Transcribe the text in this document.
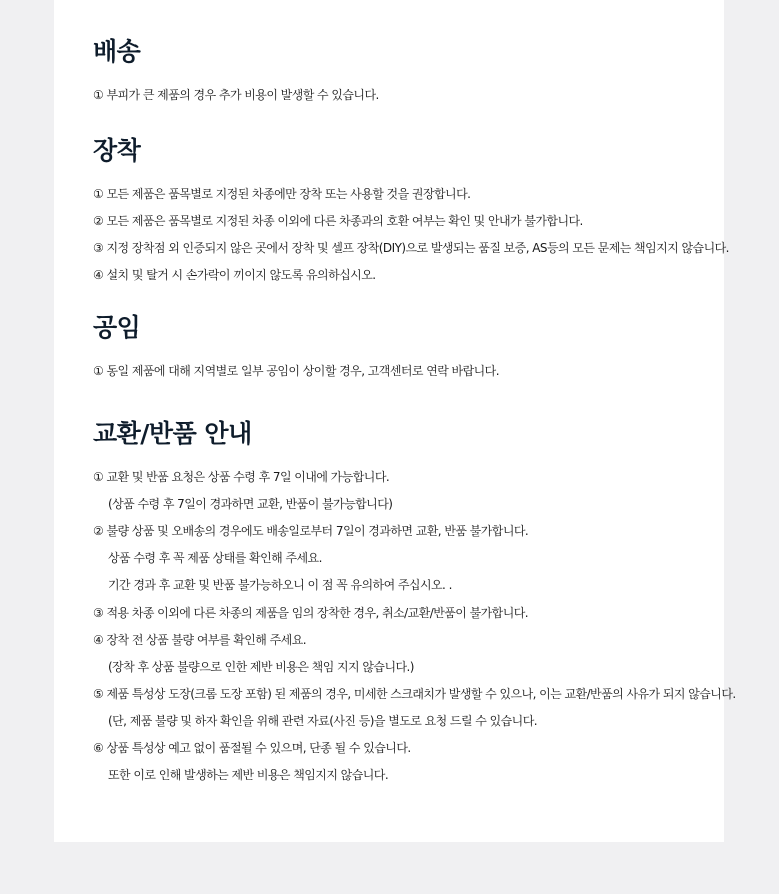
배송
① 부피가 큰 제품의 경우 추가 비용이 발생할 수 있습니다.
장착
① 모든 제품은 품목별로 지정된 차종에만 장착 또는 사용할 것을 권장합니다.
② 모든 제품은 품목별로 지정된 차종 이외에 다른 차종과의 호환 여부는 확인 및 안내가 불가합니다.
③ 지정 장착점 외 인증되지 않은 곳에서 장착 및 셀프 장착(DIY)으로 발생되는 품질 보증, AS등의 모든 문제는 책임지지 않습니다.
④ 설치 및 탈거 시 손가락이 끼이지 않도록 유의하십시오.
공임
① 동일 제품에 대해 지역별로 일부 공임이 상이할 경우, 고객센터로 연락 바랍니다.
교환/반품 안내
① 교환 및 반품 요청은 상품 수령 후 7일 이내에 가능합니다.
(상품 수령 후 7일이 경과하면 교환, 반품이 불가능합니다)
② 불량 상품 및 오배송의 경우에도 배송일로부터 7일이 경과하면 교환, 반품 불가합니다.
상품 수령 후 꼭 제품 상태를 확인해 주세요.
기간 경과 후 교환 및 반품 불가능하오니 이 점 꼭 유의하여 주십시오. .
③ 적용 차종 이외에 다른 차종의 제품을 임의 장착한 경우, 취소/교환/반품이 불가합니다.
④ 장착 전 상품 불량 여부를 확인해 주세요.
(장착 후 상품 불량으로 인한 제반 비용은 책임 지지 않습니다.)
⑤ 제품 특성상 도장(크롬 도장 포함) 된 제품의 경우, 미세한 스크래치가 발생할 수 있으나, 이는 교환/반품의 사유가 되지 않습니다.
(단, 제품 불량 및 하자 확인을 위해 관련 자료(사진 등)을 별도로 요청 드릴 수 있습니다.
⑥ 상품 특성상 예고 없이 품절될 수 있으며, 단종 될 수 있습니다.
또한 이로 인해 발생하는 제반 비용은 책임지지 않습니다.
